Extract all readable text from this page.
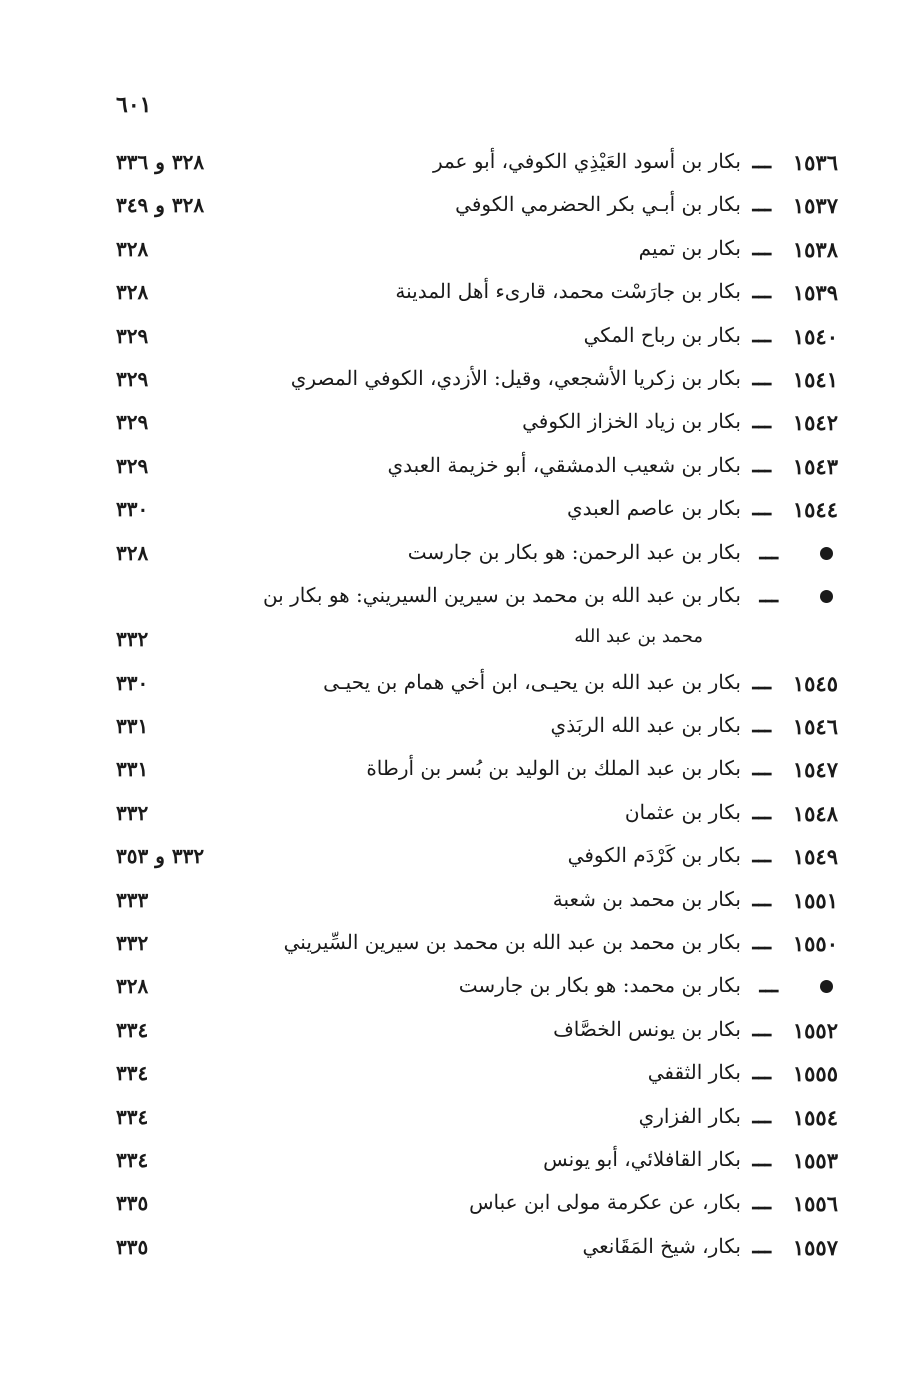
٦٠١
١٥٣٦
ـــ
بكار بن أسود العَيْذِي الكوفي، أبو عمر
٣٢٨ و ٣٣٦
١٥٣٧
ـــ
بكار بن أبـي بكر الحضرمي الكوفي
٣٢٨ و ٣٤٩
١٥٣٨
ـــ
بكار بن تميم
٣٢٨
١٥٣٩
ـــ
بكار بن جارَسْت محمد، قارىء أهل المدينة
٣٢٨
١٥٤٠
ـــ
بكار بن رباح المكي
٣٢٩
١٥٤١
ـــ
بكار بن زكريا الأشجعي، وقيل: الأزدي، الكوفي المصري
٣٢٩
١٥٤٢
ـــ
بكار بن زياد الخزاز الكوفي
٣٢٩
١٥٤٣
ـــ
بكار بن شعيب الدمشقي، أبو خزيمة العبدي
٣٢٩
١٥٤٤
ـــ
بكار بن عاصم العبدي
٣٣٠
ـــ
بكار بن عبد الرحمن: هو بكار بن جارست
٣٢٨
ـــ
بكار بن عبد الله بن محمد بن سيرين السيريني: هو بكار بن
محمد بن عبد الله
٣٣٢
١٥٤٥
ـــ
بكار بن عبد الله بن يحيـى، ابن أخي همام بن يحيـى
٣٣٠
١٥٤٦
ـــ
بكار بن عبد الله الربَذي
٣٣١
١٥٤٧
ـــ
بكار بن عبد الملك بن الوليد بن بُسر بن أرطاة
٣٣١
١٥٤٨
ـــ
بكار بن عثمان
٣٣٢
١٥٤٩
ـــ
بكار بن كَرْدَم الكوفي
٣٣٢ و ٣٥٣
١٥٥١
ـــ
بكار بن محمد بن شعبة
٣٣٣
١٥٥٠
ـــ
بكار بن محمد بن عبد الله بن محمد بن سيرين السِّيريني
٣٣٢
ـــ
بكار بن محمد: هو بكار بن جارست
٣٢٨
١٥٥٢
ـــ
بكار بن يونس الخصَّاف
٣٣٤
١٥٥٥
ـــ
بكار الثقفي
٣٣٤
١٥٥٤
ـــ
بكار الفزاري
٣٣٤
١٥٥٣
ـــ
بكار القافلائي، أبو يونس
٣٣٤
١٥٥٦
ـــ
بكار، عن عكرمة مولى ابن عباس
٣٣٥
١٥٥٧
ـــ
بكار، شيخ المَقَانعي
٣٣٥
